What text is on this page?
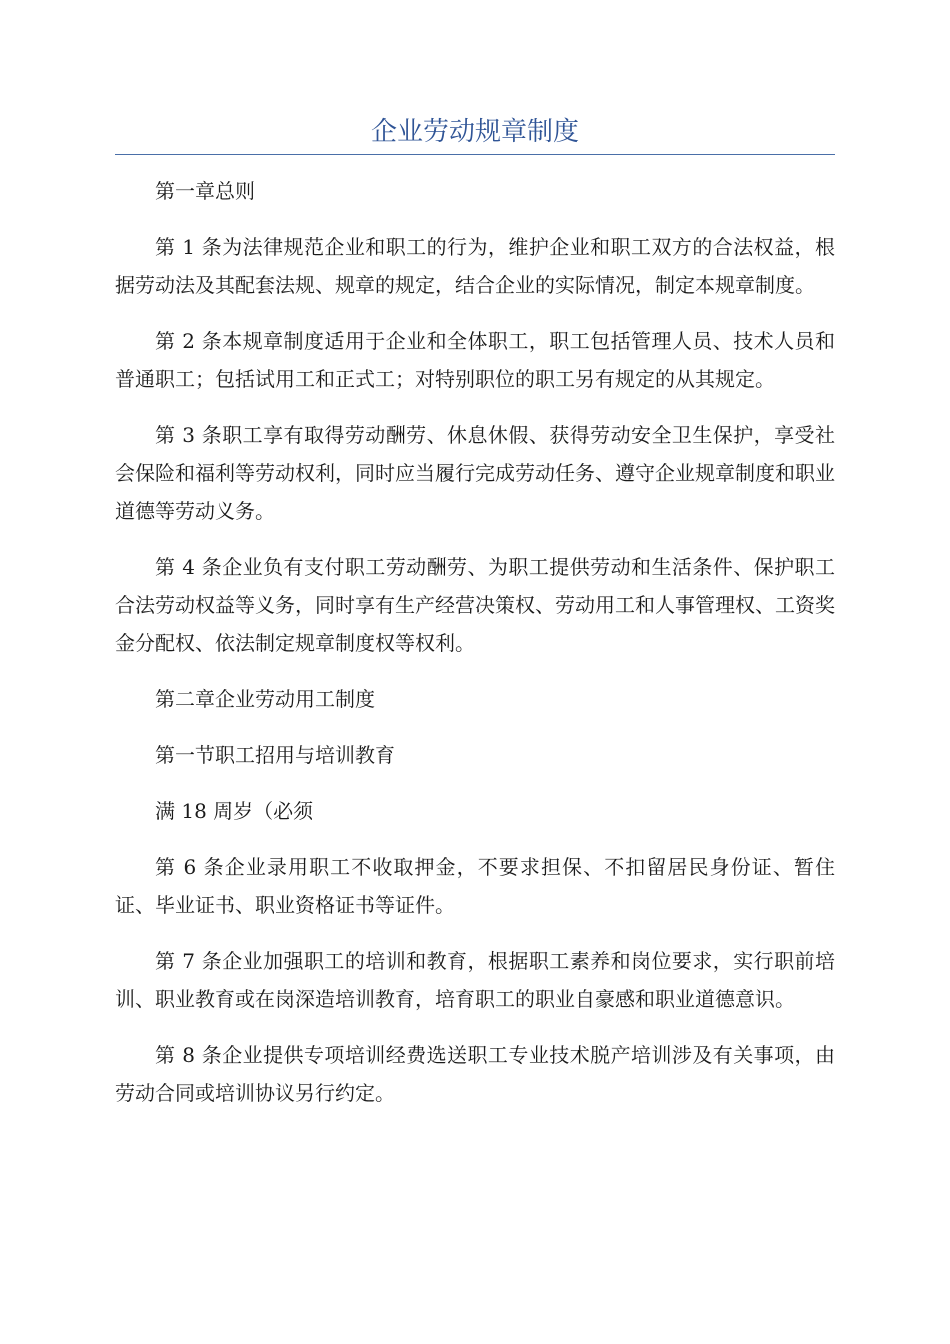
企业劳动规章制度

第一章总则

第 1 条为法律规范企业和职工的行为，维护企业和职工双方的合法权益，根据劳动法及其配套法规、规章的规定，结合企业的实际情况，制定本规章制度。

第 2 条本规章制度适用于企业和全体职工，职工包括管理人员、技术人员和普通职工；包括试用工和正式工；对特别职位的职工另有规定的从其规定。

第 3 条职工享有取得劳动酬劳、休息休假、获得劳动安全卫生保护，享受社会保险和福利等劳动权利，同时应当履行完成劳动任务、遵守企业规章制度和职业道德等劳动义务。

第 4 条企业负有支付职工劳动酬劳、为职工提供劳动和生活条件、保护职工合法劳动权益等义务，同时享有生产经营决策权、劳动用工和人事管理权、工资奖金分配权、依法制定规章制度权等权利。

第二章企业劳动用工制度

第一节职工招用与培训教育

满 18 周岁（必须

第 6 条企业录用职工不收取押金，不要求担保、不扣留居民身份证、暂住证、毕业证书、职业资格证书等证件。

第 7 条企业加强职工的培训和教育，根据职工素养和岗位要求，实行职前培训、职业教育或在岗深造培训教育，培育职工的职业自豪感和职业道德意识。

第 8 条企业提供专项培训经费选送职工专业技术脱产培训涉及有关事项，由劳动合同或培训协议另行约定。
